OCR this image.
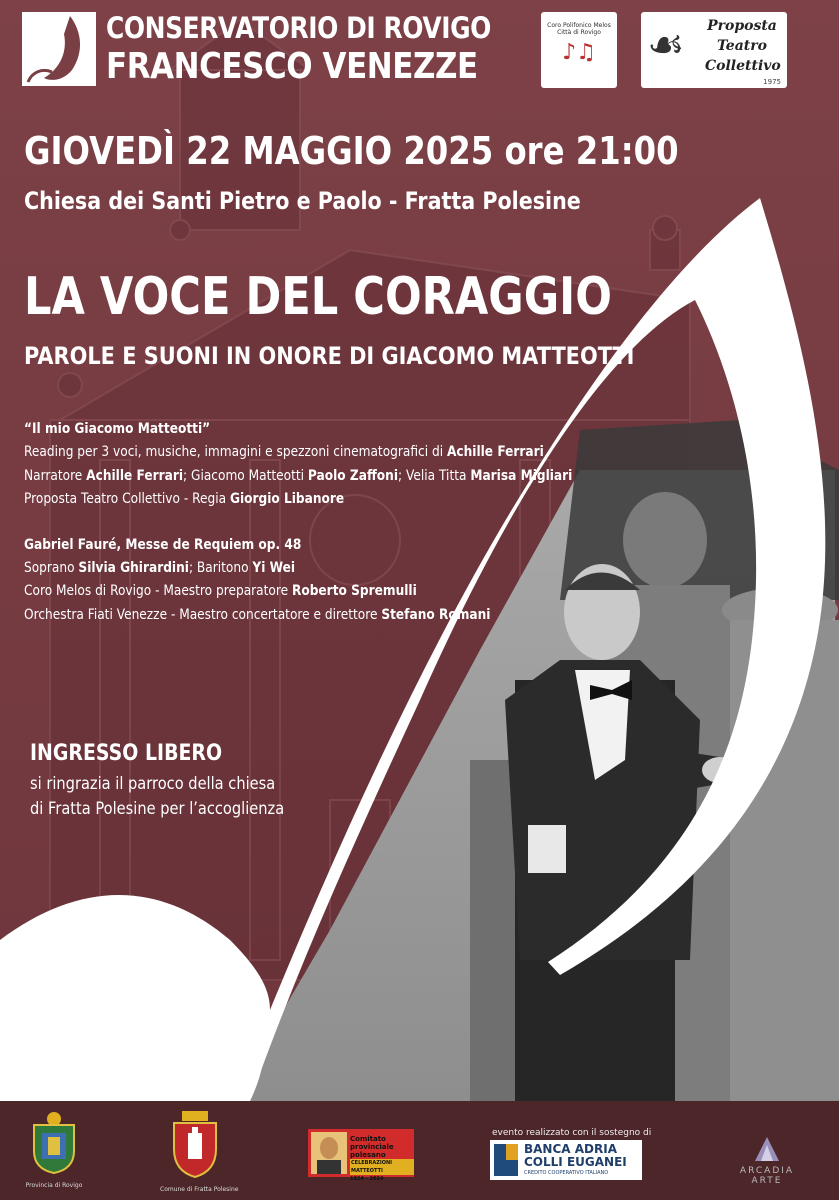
CONSERVATORIO DI ROVIGO
FRANCESCO VENEZZE
Coro Polifonico Melos Città di Rovigo
♪♫	☙ Proposta
Teatro
Collettivo
1975
GIOVEDÌ 22 MAGGIO 2025 ore 21:00
Chiesa dei Santi Pietro e Paolo - Fratta Polesine
LA VOCE DEL CORAGGIO
PAROLE E SUONI IN ONORE DI GIACOMO MATTEOTTI
“Il mio Giacomo Matteotti”
Reading per 3 voci, musiche, immagini e spezzoni cinematografici di Achille Ferrari
Narratore Achille Ferrari; Giacomo Matteotti Paolo Zaffoni; Velia Titta Marisa Migliari
Proposta Teatro Collettivo - Regia Giorgio Libanore
Gabriel Fauré, Messe de Requiem op. 48
Soprano Silvia Ghirardini; Baritono Yi Wei
Coro Melos di Rovigo - Maestro preparatore Roberto Spremulli
Orchestra Fiati Venezze - Maestro concertatore e direttore Stefano Romani
INGRESSO LIBERO
si ringrazia il parroco della chiesa
di Fratta Polesine per l’accoglienza
Provincia di Rovigo
Comune di Fratta Polesine
Comitato
provinciale
polesano
CELEBRAZIONI MATTEOTTI
1924 - 2024
evento realizzato con il sostegno di
BANCA ADRIA
COLLI EUGANEI
CREDITO COOPERATIVO ITALIANO	ARCADIA
ARTE
